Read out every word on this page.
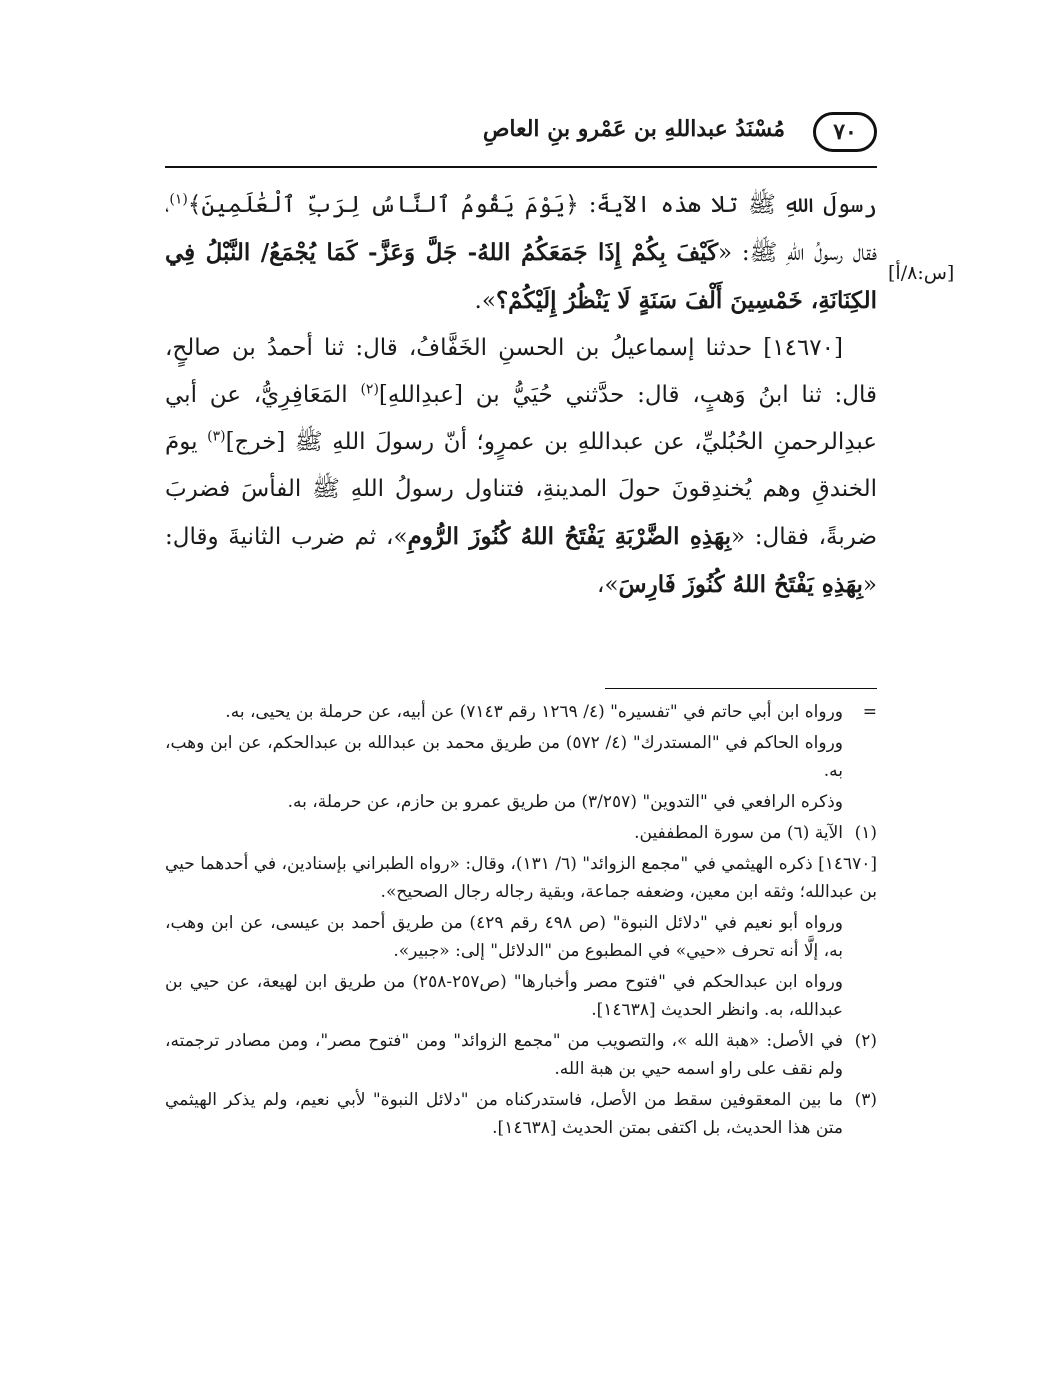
٧٠
مُسْنَدُ عبداللهِ بن عَمْرو بنِ العاصِ
[س:٨/أ]

رسولَ اللهِ ﷺ تلا هذه الآيةَ: ﴿يَوْمَ يَقُومُ ٱلنَّاسُ لِرَبِّ ٱلْعَٰلَمِينَ﴾$^{(١)}$، فقال رسولُ اللهِ ﷺ: «كَيْفَ بِكُمْ إِذَا جَمَعَكُمُ اللهُ- جَلَّ وَعَزَّ- كَمَا يُجْمَعُ/ النَّبْلُ فِي الكِنَانَةِ، خَمْسِينَ أَلْفَ سَنَةٍ لَا يَنْظُرُ إِلَيْكُمْ؟».

[١٤٦٧٠] حدثنا إسماعيلُ بن الحسنِ الخَفَّافُ، قال: ثنا أحمدُ بن صالحٍ، قال: ثنا ابنُ وَهبٍ، قال: حدَّثني حُيَيُّ بن [عبدِاللهِ]$^{(٢)}$ المَعَافِرِيُّ، عن أبي عبدِالرحمنِ الحُبُليِّ، عن عبداللهِ بن عمرٍو؛ أنّ رسولَ اللهِ ﷺ [خرج]$^{(٣)}$ يومَ الخندقِ وهم يُخندِقونَ حولَ المدينةِ، فتناول رسولُ اللهِ ﷺ الفأسَ فضربَ ضربةً، فقال: «بِهَذِهِ الضَّرْبَةِ يَفْتَحُ اللهُ كُنُوزَ الرُّومِ»، ثم ضرب الثانيةَ وقال: «بِهَذِهِ يَفْتَحُ اللهُ كُنُوزَ فَارِسَ»،

=
ورواه ابن أبي حاتم في "تفسيره" (٤/ ١٢٦٩ رقم ٧١٤٣) عن أبيه، عن حرملة بن يحيى، به.
ورواه الحاكم في "المستدرك" (٤/ ٥٧٢) من طريق محمد بن عبدالله بن عبدالحكم، عن ابن وهب، به.
وذكره الرافعي في "التدوين" (٣/٢٥٧) من طريق عمرو بن حازم، عن حرملة، به.
(١)
الآية (٦) من سورة المطففين.
[١٤٦٧٠] ذكره الهيثمي في "مجمع الزوائد" (٦/ ١٣١)، وقال: «رواه الطبراني بإسنادين، في أحدهما حيي بن عبدالله؛ وثقه ابن معين، وضعفه جماعة، وبقية رجاله رجال الصحيح».
ورواه أبو نعيم في "دلائل النبوة" (ص ٤٩٨ رقم ٤٢٩) من طريق أحمد بن عيسى، عن ابن وهب، به، إلَّا أنه تحرف «حيي» في المطبوع من "الدلائل" إلى: «جبير».
ورواه ابن عبدالحكم في "فتوح مصر وأخبارها" (ص٢٥٧-٢٥٨) من طريق ابن لهيعة، عن حيي بن عبدالله، به. وانظر الحديث [١٤٦٣٨].
(٢)
في الأصل: «هبة الله »، والتصويب من "مجمع الزوائد" ومن "فتوح مصر"، ومن مصادر ترجمته، ولم نقف على راو اسمه حيي بن هبة الله.
(٣)
ما بين المعقوفين سقط من الأصل، فاستدركناه من "دلائل النبوة" لأبي نعيم، ولم يذكر الهيثمي متن هذا الحديث، بل اكتفى بمتن الحديث [١٤٦٣٨].
